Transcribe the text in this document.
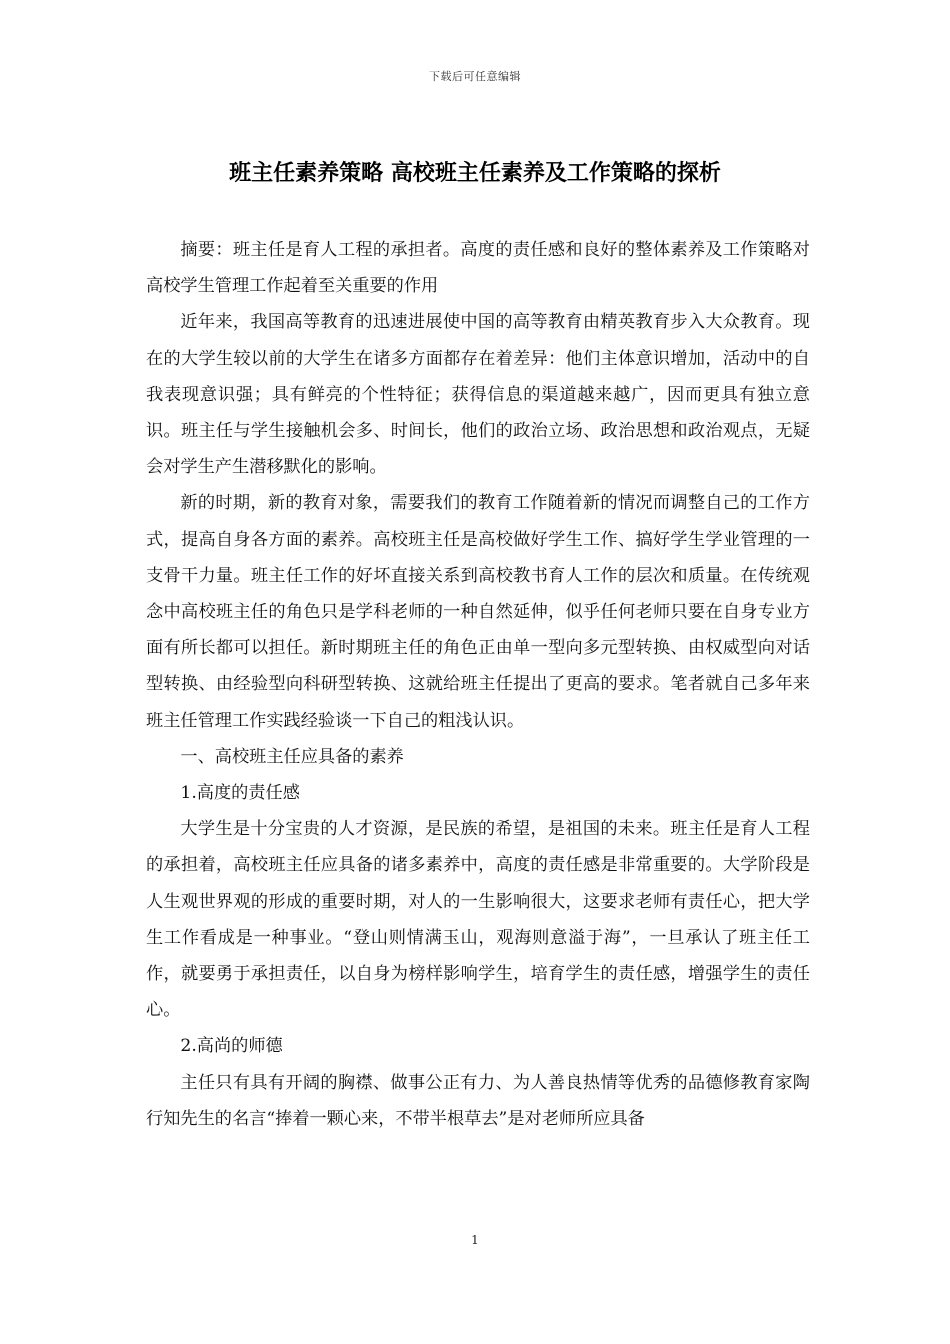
下载后可任意编辑
班主任素养策略 高校班主任素养及工作策略的探析

摘要：班主任是育人工程的承担者。高度的责任感和良好的整体素养及工作策略对高校学生管理工作起着至关重要的作用

近年来，我国高等教育的迅速进展使中国的高等教育由精英教育步入大众教育。现在的大学生较以前的大学生在诸多方面都存在着差异：他们主体意识增加，活动中的自我表现意识强；具有鲜亮的个性特征；获得信息的渠道越来越广，因而更具有独立意识。班主任与学生接触机会多、时间长，他们的政治立场、政治思想和政治观点，无疑会对学生产生潜移默化的影响。

新的时期，新的教育对象，需要我们的教育工作随着新的情况而调整自己的工作方式，提高自身各方面的素养。高校班主任是高校做好学生工作、搞好学生学业管理的一支骨干力量。班主任工作的好坏直接关系到高校教书育人工作的层次和质量。在传统观念中高校班主任的角色只是学科老师的一种自然延伸，似乎任何老师只要在自身专业方面有所长都可以担任。新时期班主任的角色正由单一型向多元型转换、由权威型向对话型转换、由经验型向科研型转换、这就给班主任提出了更高的要求。笔者就自己多年来班主任管理工作实践经验谈一下自己的粗浅认识。

一、高校班主任应具备的素养

1.高度的责任感

大学生是十分宝贵的人才资源，是民族的希望，是祖国的未来。班主任是育人工程的承担着，高校班主任应具备的诸多素养中，高度的责任感是非常重要的。大学阶段是人生观世界观的形成的重要时期，对人的一生影响很大，这要求老师有责任心，把大学生工作看成是一种事业。“登山则情满玉山，观海则意溢于海”，一旦承认了班主任工作，就要勇于承担责任，以自身为榜样影响学生，培育学生的责任感，增强学生的责任心。

2.高尚的师德

主任只有具有开阔的胸襟、做事公正有力、为人善良热情等优秀的品德修教育家陶行知先生的名言“捧着一颗心来，不带半根草去”是对老师所应具备

1
